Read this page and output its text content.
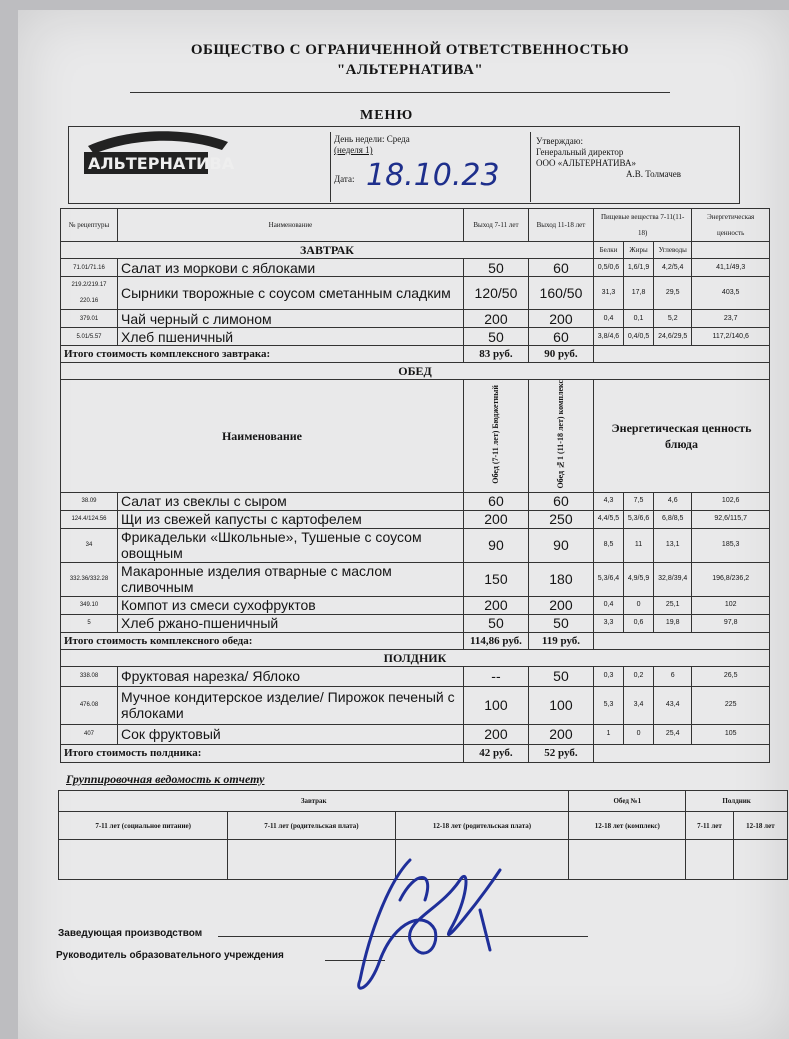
ОБЩЕСТВО С ОГРАНИЧЕННОЙ ОТВЕТСТВЕННОСТЬЮ
"АЛЬТЕРНАТИВА"
МЕНЮ
АЛЬТЕРНАТИВА
День недели: Среда
(неделя 1)
Дата: 18.10.23
Утверждаю:
Генеральный директор
ООО «АЛЬТЕРНАТИВА»
А.В. Толмачев
№ рецептуры	Наименование	Выход 7-11 лет	Выход 11-18 лет	Пищевые вещества 7-11(11-18)			Энергетическая ценность
ЗАВТРАК				Белки	Жиры	Углеводы	
71.01/71.16	Салат из моркови с яблоками	50	60	0,5/0,6	1,6/1,9	4,2/5,4	41,1/49,3
219.2/219.17 220.16	Сырники творожные с соусом сметанным сладким	120/50	160/50	31,3	17,8	29,5	403,5
379.01	Чай черный с лимоном	200	200	0,4	0,1	5,2	23,7
5.01/5.57	Хлеб пшеничный	50	60	3,8/4,6	0,4/0,5	24,6/29,5	117,2/140,6
Итого стоимость комплексного завтрака:		83 руб.	90 руб.				
ОБЕД							
Наименование		Обед (7-11 лет) Бюджетный	Обед №1 (11-18 лет) комплекс	Энергетическая ценность блюда			
38.09	Салат из свеклы с сыром	60	60	4,3	7,5	4,6	102,6
124.4/124.56	Щи из свежей капусты с картофелем	200	250	4,4/5,5	5,3/6,6	6,8/8,5	92,6/115,7
34	Фрикадельки «Школьные», Тушеные с соусом овощным	90	90	8,5	11	13,1	185,3
332.36/332.28	Макаронные изделия отварные с маслом сливочным	150	180	5,3/6,4	4,9/5,9	32,8/39,4	196,8/236,2
349.10	Компот из смеси сухофруктов	200	200	0,4	0	25,1	102
5	Хлеб ржано-пшеничный	50	50	3,3	0,6	19,8	97,8
Итого стоимость комплексного обеда:		114,86 руб.	119 руб.				
ПОЛДНИК							
338.08	Фруктовая нарезка/ Яблоко	--	50	0,3	0,2	6	26,5
476.08	Мучное кондитерское изделие/ Пирожок печеный с яблоками	100	100	5,3	3,4	43,4	225
407	Сок фруктовый	200	200	1	0	25,4	105
Итого стоимость полдника:		42 руб.	52 руб.				
Группировочная ведомость к отчету
Завтрак			Обед №1	Полдник	
7-11 лет (социальное питание)	7-11 лет (родительская плата)	12-18 лет (родительская плата)	12-18 лет (комплекс)	7-11 лет	12-18 лет

Заведующая производством
Руководитель образовательного учреждения
